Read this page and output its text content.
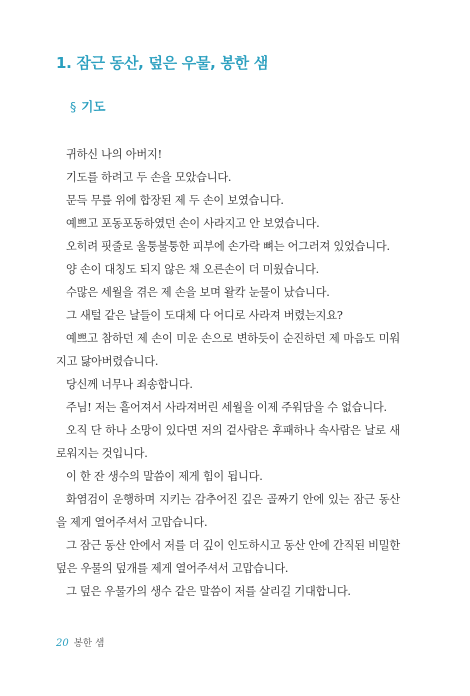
1. 잠근 동산, 덮은 우물, 봉한 샘
§ 기도

귀하신 나의 아버지!

기도를 하려고 두 손을 모았습니다.

문득 무릎 위에 합장된 제 두 손이 보였습니다.

예쁘고 포동포동하였던 손이 사라지고 안 보였습니다.

오히려 핏줄로 울퉁불퉁한 피부에 손가락 뼈는 어그러져 있었습니다.

양 손이 대칭도 되지 않은 채 오른손이 더 미웠습니다.

수많은 세월을 겪은 제 손을 보며 왈칵 눈물이 났습니다.

그 새털 같은 날들이 도대체 다 어디로 사라져 버렸는지요?

예쁘고 참하던 제 손이 미운 손으로 변하듯이 순진하던 제 마음도 미워

지고 닳아버렸습니다.

당신께 너무나 죄송합니다.

주님! 저는 흩어져서 사라져버린 세월을 이제 주워담을 수 없습니다.

오직 단 하나 소망이 있다면 저의 겉사람은 후패하나 속사람은 날로 새

로워지는 것입니다.

이 한 잔 생수의 말씀이 제게 힘이 됩니다.

화염검이 운행하며 지키는 감추어진 깊은 골짜기 안에 있는 잠근 동산

을 제게 열어주셔서 고맙습니다.

그 잠근 동산 안에서 저를 더 깊이 인도하시고 동산 안에 간직된 비밀한

덮은 우물의 덮개를 제게 열어주셔서 고맙습니다.

그 덮은 우물가의 생수 같은 말씀이 저를 살리길 기대합니다.

20 봉한 샘
